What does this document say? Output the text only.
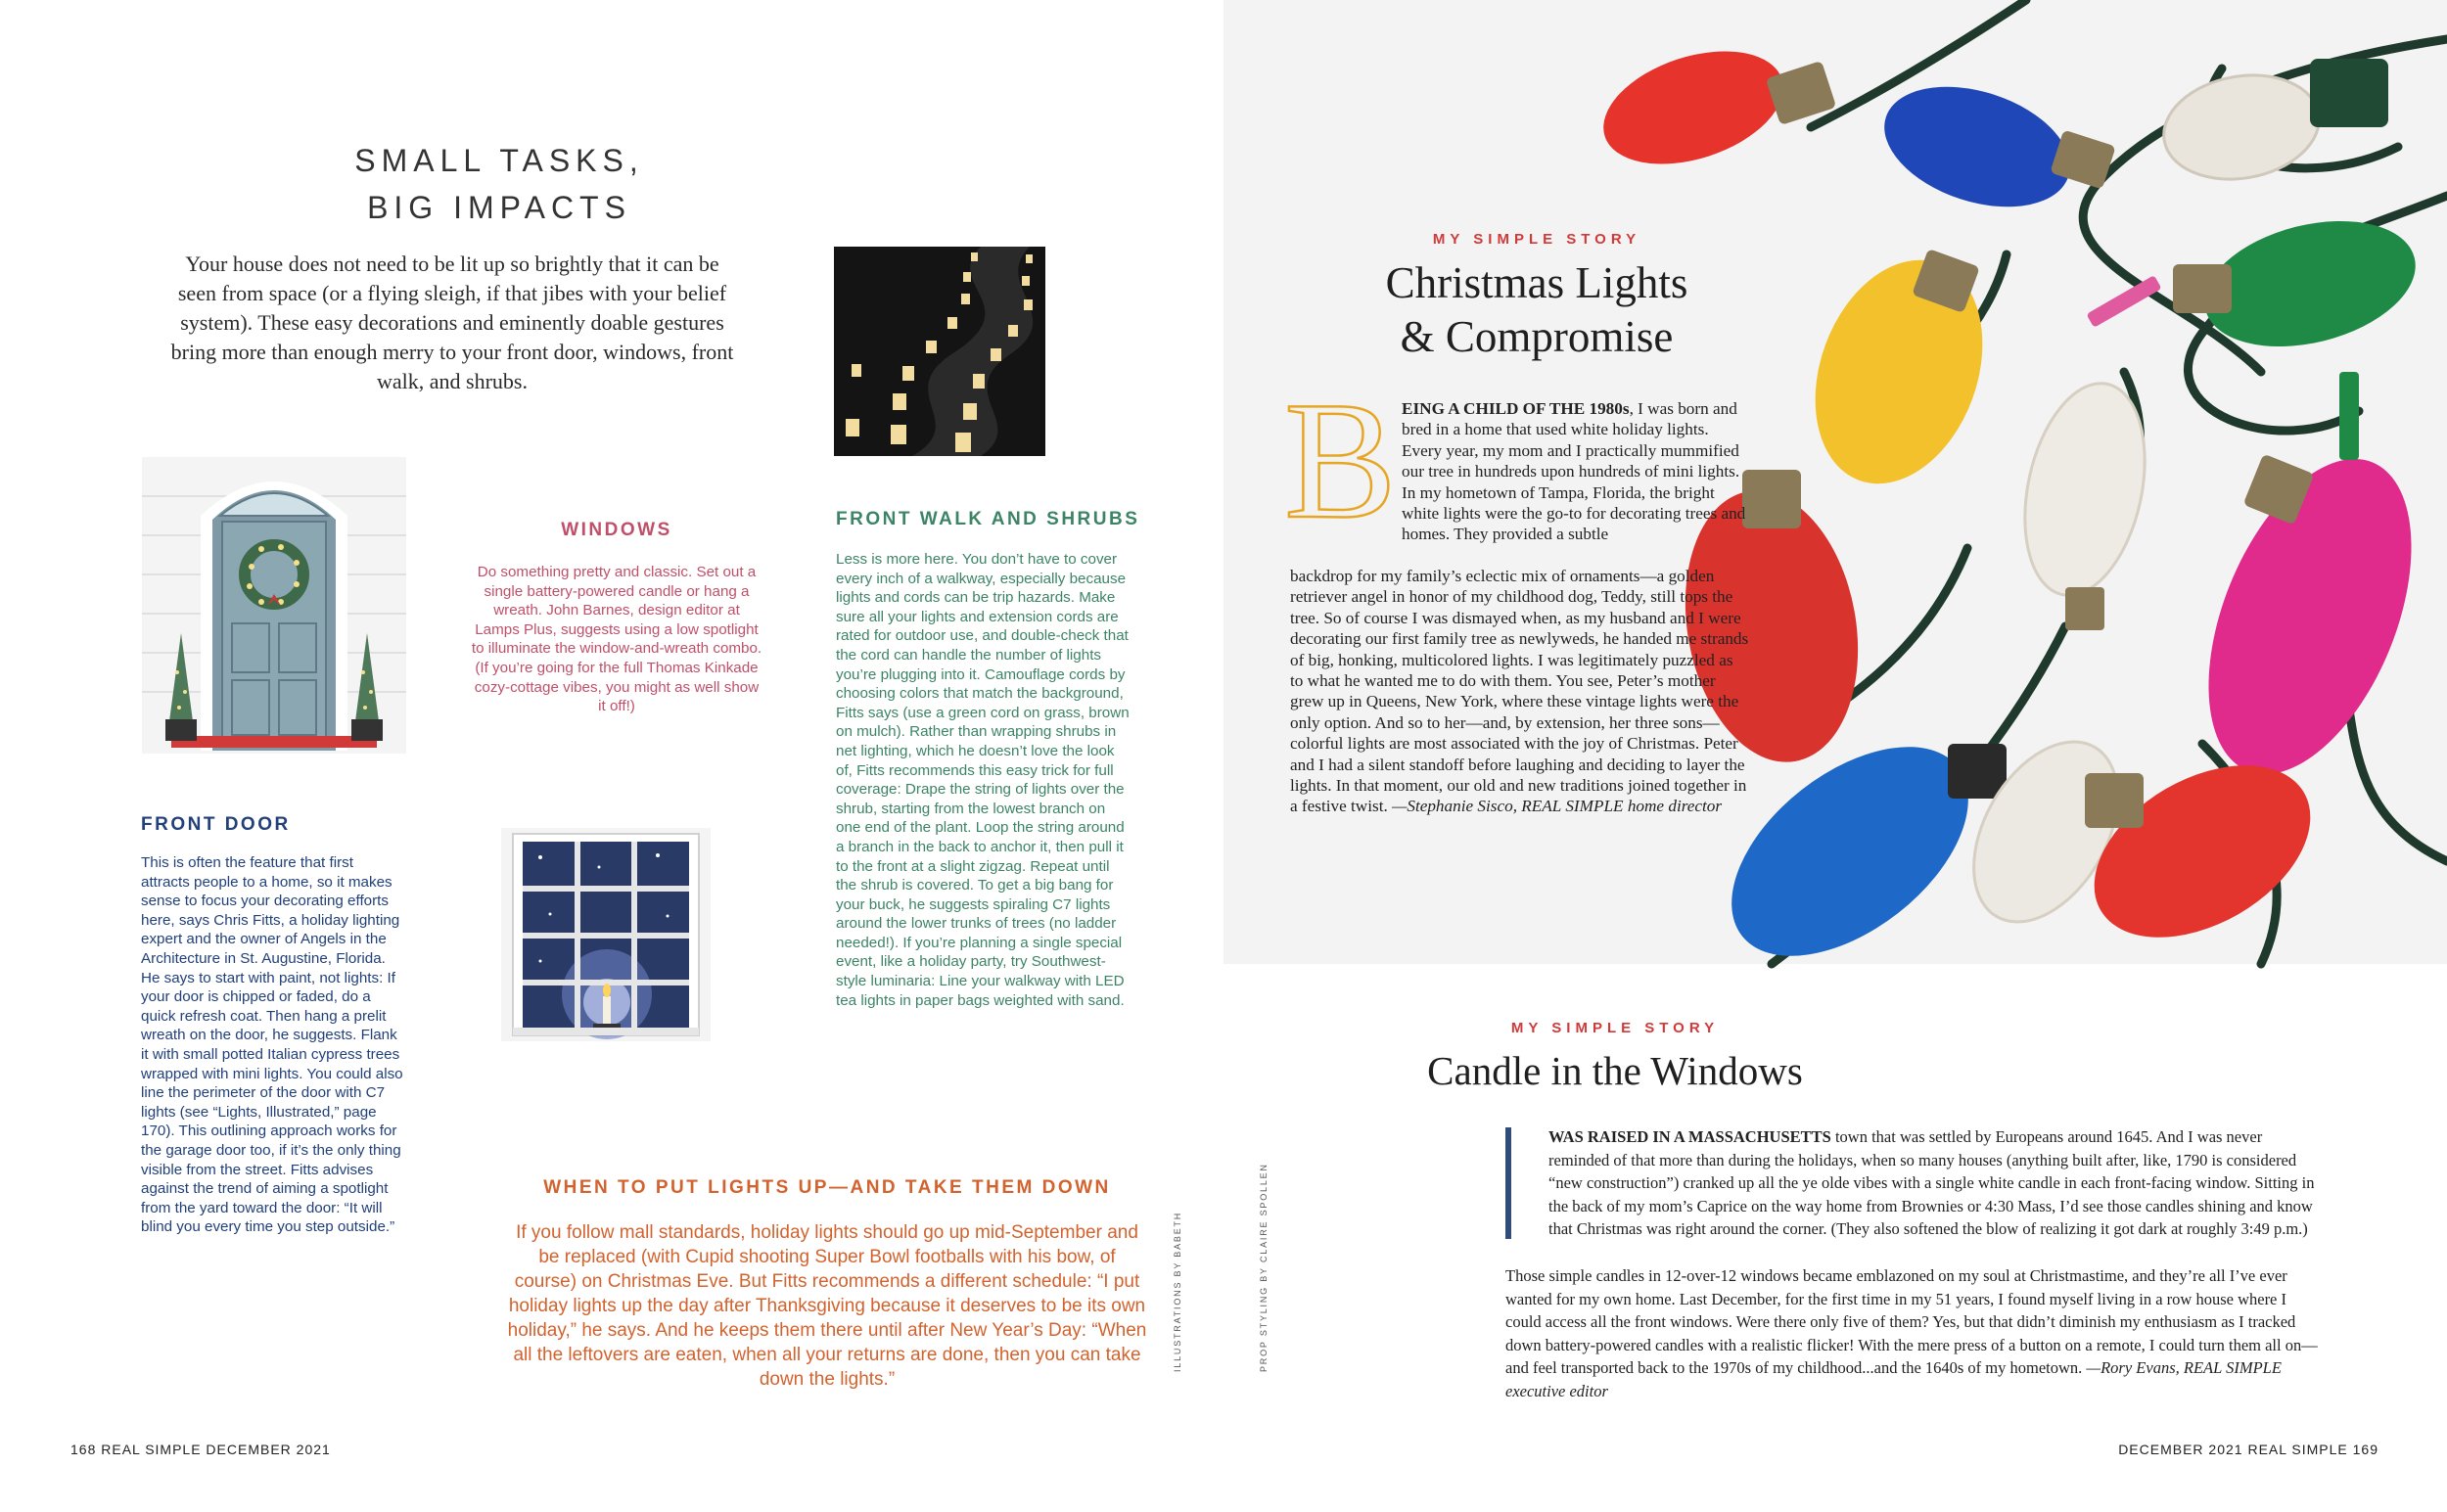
SMALL TASKS,
BIG IMPACTS
Your house does not need to be lit up so brightly that it can be seen from space (or a flying sleigh, if that jibes with your belief system). These easy decorations and eminently doable gestures bring more than enough merry to your front door, windows, front walk, and shrubs.
FRONT DOOR
This is often the feature that first attracts people to a home, so it makes sense to focus your decorating efforts here, says Chris Fitts, a holiday lighting expert and the owner of Angels in the Architecture in St. Augustine, Florida. He says to start with paint, not lights: If your door is chipped or faded, do a quick refresh coat. Then hang a prelit wreath on the door, he suggests. Flank it with small potted Italian cypress trees wrapped with mini lights. You could also line the perimeter of the door with C7 lights (see “Lights, Illustrated,” page 170). This outlining approach works for the garage door too, if it’s the only thing visible from the street. Fitts advises against the trend of aiming a spotlight from the yard toward the door: “It will blind you every time you step outside.”
WINDOWS
Do something pretty and classic. Set out a single battery-powered candle or hang a wreath. John Barnes, design editor at Lamps Plus, suggests using a low spotlight to illuminate the window-and-wreath combo. (If you’re going for the full Thomas Kinkade cozy-cottage vibes, you might as well show it off!)
FRONT WALK AND SHRUBS
Less is more here. You don’t have to cover every inch of a walkway, especially because lights and cords can be trip hazards. Make sure all your lights and extension cords are rated for outdoor use, and double-check that the cord can handle the number of lights you’re plugging into it. Camouflage cords by choosing colors that match the background, Fitts says (use a green cord on grass, brown on mulch). Rather than wrapping shrubs in net lighting, which he doesn’t love the look of, Fitts recommends this easy trick for full coverage: Drape the string of lights over the shrub, starting from the lowest branch on one end of the plant. Loop the string around a branch in the back to anchor it, then pull it to the front at a slight zigzag. Repeat until the shrub is covered. To get a big bang for your buck, he suggests spiraling C7 lights around the lower trunks of trees (no ladder needed!). If you’re planning a single special event, like a holiday party, try Southwest-style luminaria: Line your walkway with LED tea lights in paper bags weighted with sand.
WHEN TO PUT LIGHTS UP—AND TAKE THEM DOWN
If you follow mall standards, holiday lights should go up mid-September and be replaced (with Cupid shooting Super Bowl footballs with his bow, of course) on Christmas Eve. But Fitts recommends a different schedule: “I put holiday lights up the day after Thanksgiving because it deserves to be its own holiday,” he says. And he keeps them there until after New Year’s Day: “When all the leftovers are eaten, when all your returns are done, then you can take down the lights.”
ILLUSTRATIONS BY BABETH	PROP STYLING BY CLAIRE SPOLLEN
168 REAL SIMPLE DECEMBER 2021
MY SIMPLE STORY
Christmas Lights
& Compromise
B EING A CHILD OF THE 1980s, I was born and bred in a home that used white holiday lights. Every year, my mom and I practically mummified our tree in hundreds upon hundreds of mini lights. In my hometown of Tampa, Florida, the bright white lights were the go-to for decorating trees and homes. They provided a subtle
backdrop for my family’s eclectic mix of ornaments—a golden retriever angel in honor of my childhood dog, Teddy, still tops the tree. So of course I was dismayed when, as my husband and I were decorating our first family tree as newlyweds, he handed me strands of big, honking, multicolored lights. I was legitimately puzzled as to what he wanted me to do with them. You see, Peter’s mother grew up in Queens, New York, where these vintage lights were the only option. And so to her—and, by extension, her three sons— colorful lights are most associated with the joy of Christmas. Peter and I had a silent standoff before laughing and deciding to layer the lights. In that moment, our old and new traditions joined together in a festive twist. —Stephanie Sisco, REAL SIMPLE home director
MY SIMPLE STORY
Candle in the Windows
WAS RAISED IN A MASSACHUSETTS town that was settled by Europeans around 1645. And I was never reminded of that more than during the holidays, when so many houses (anything built after, like, 1790 is considered “new construction”) cranked up all the ye olde vibes with a single white candle in each front-facing window. Sitting in the back of my mom’s Caprice on the way home from Brownies or 4:30 Mass, I’d see those candles shining and know that Christmas was right around the corner. (They also softened the blow of realizing it got dark at roughly 3:49 p.m.)
Those simple candles in 12-over-12 windows became emblazoned on my soul at Christmastime, and they’re all I’ve ever wanted for my own home. Last December, for the first time in my 51 years, I found myself living in a row house where I could access all the front windows. Were there only five of them? Yes, but that didn’t diminish my enthusiasm as I tracked down battery-powered candles with a realistic flicker! With the mere press of a button on a remote, I could turn them all on—and feel transported back to the 1970s of my childhood...and the 1640s of my hometown. —Rory Evans, REAL SIMPLE executive editor
DECEMBER 2021 REAL SIMPLE 169
